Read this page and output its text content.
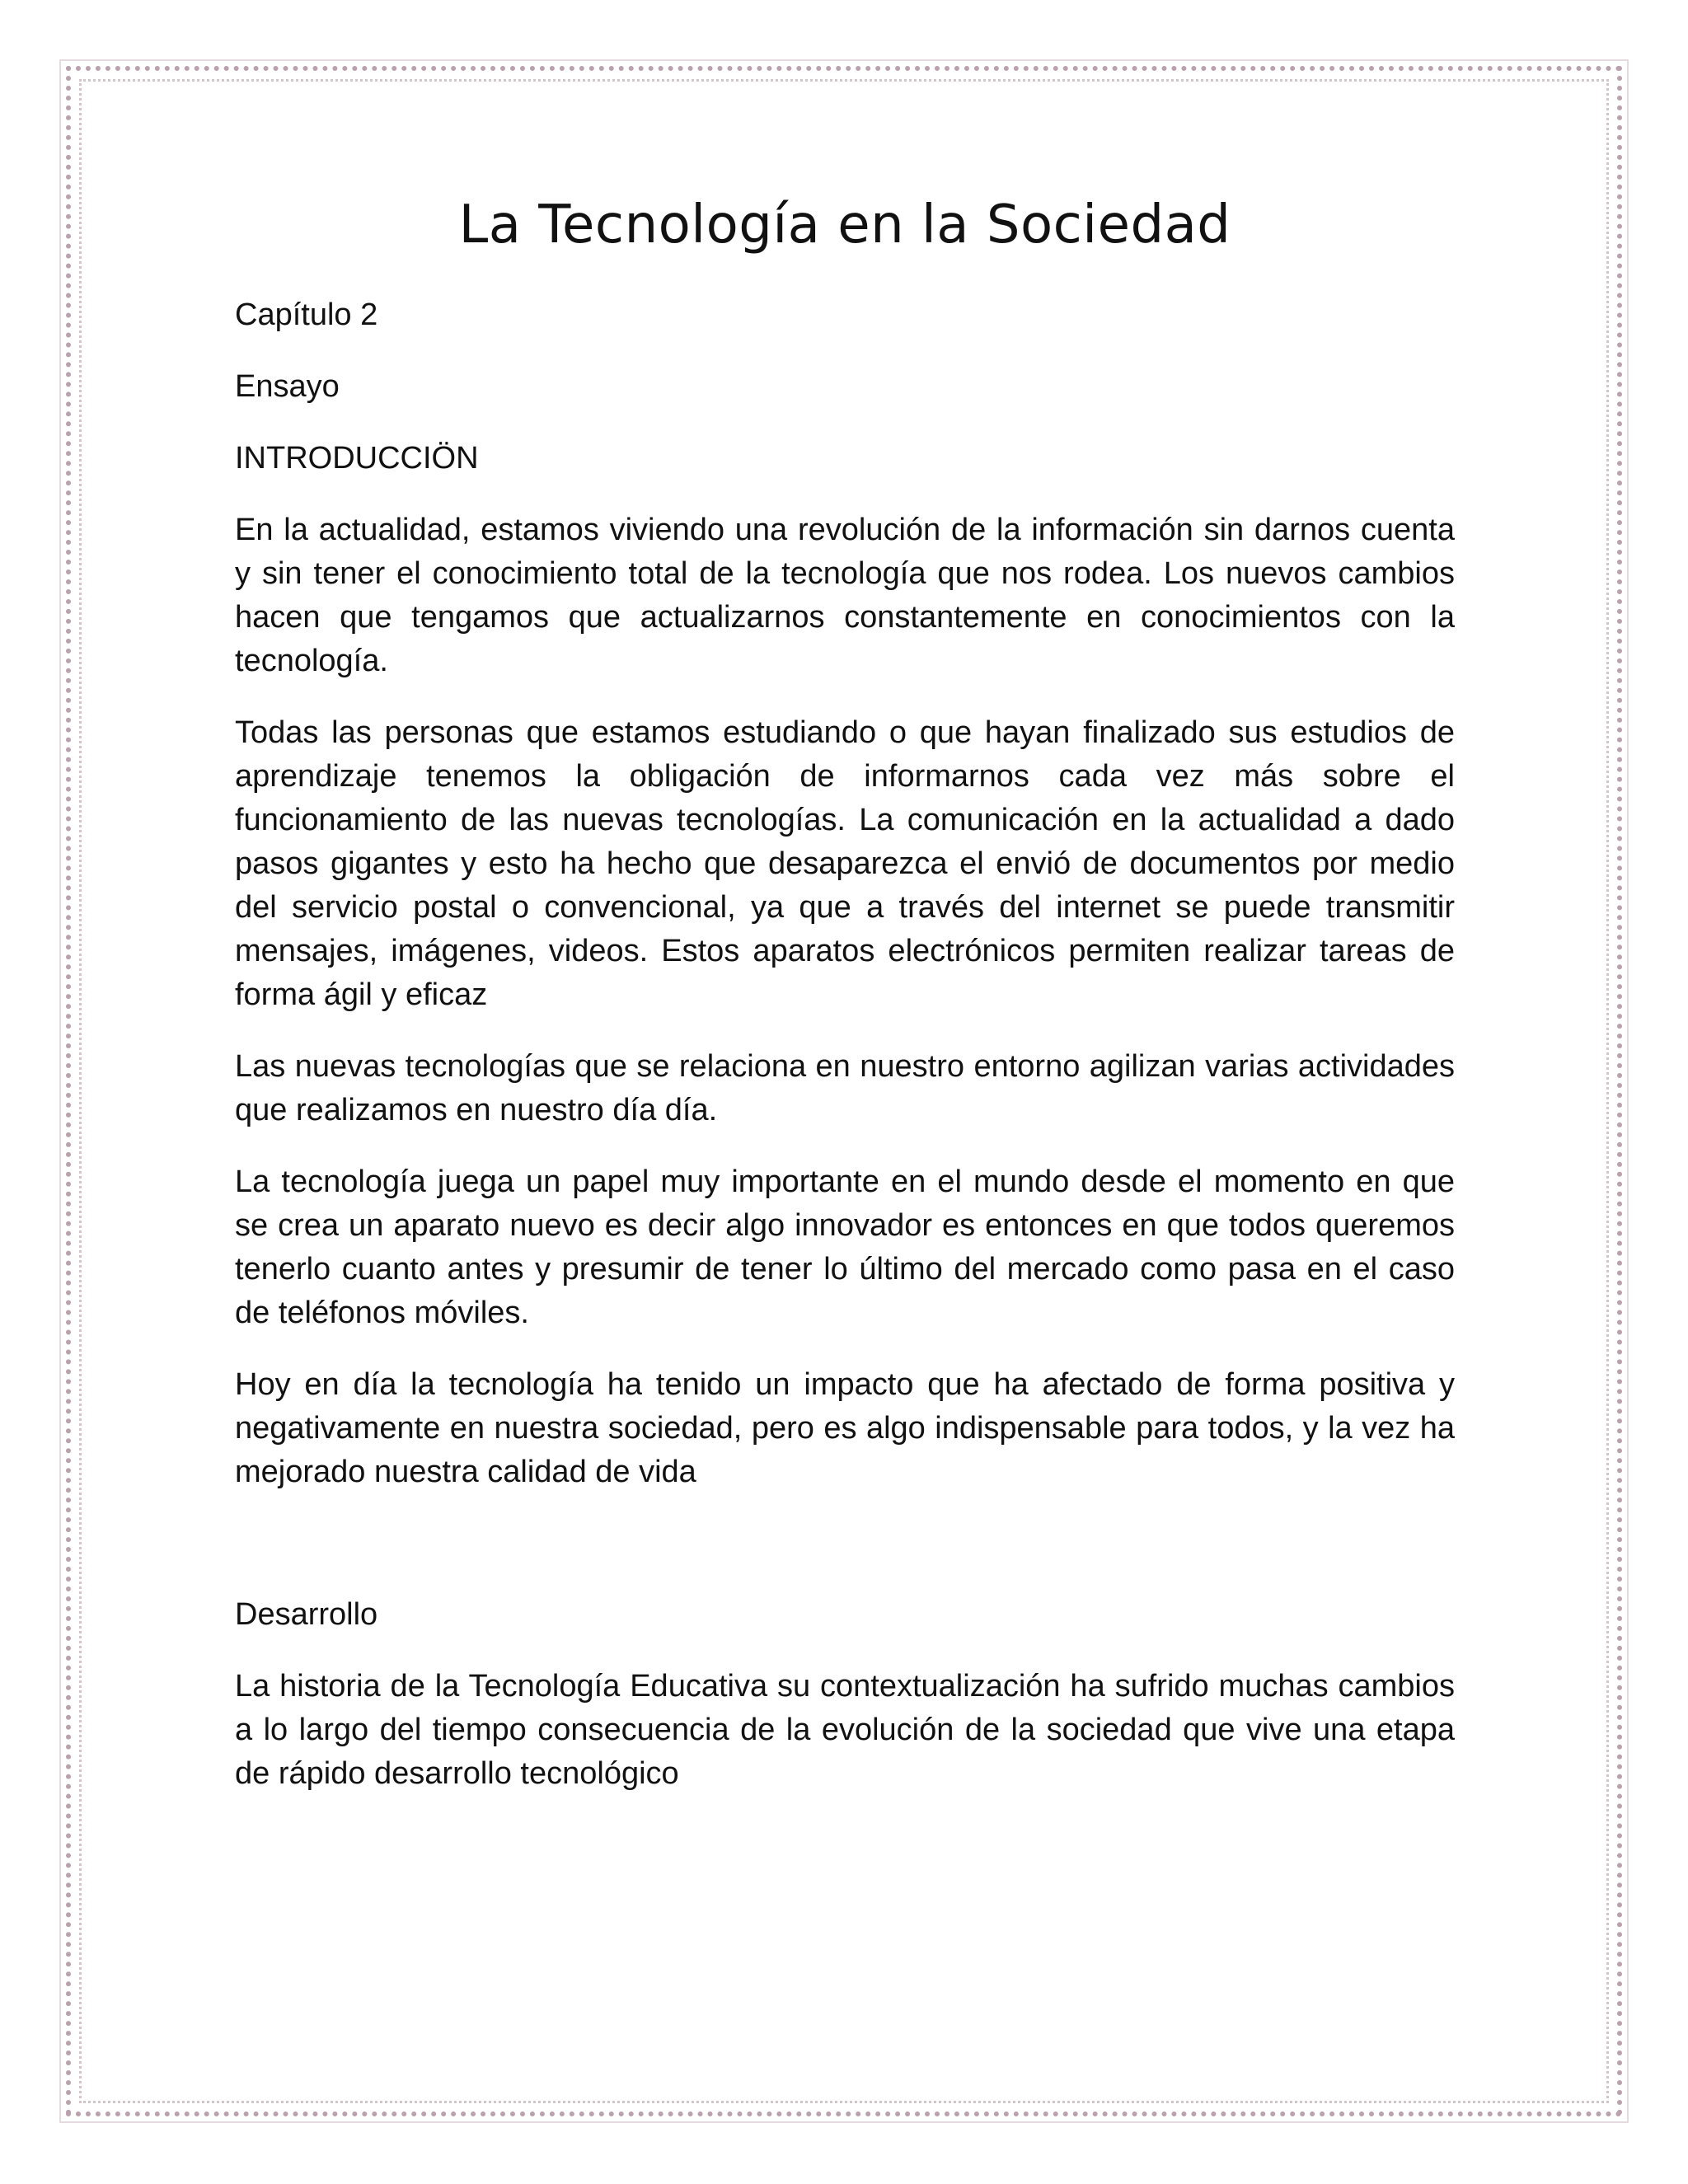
La Tecnología en la Sociedad

Capítulo 2

Ensayo

INTRODUCCIÖN

En la actualidad, estamos viviendo una revolución de la información sin darnos cuenta y sin tener el conocimiento total de la tecnología que nos rodea. Los nuevos cambios hacen que tengamos que actualizarnos constantemente en conocimientos con la tecnología.

Todas las personas que estamos estudiando o que hayan finalizado sus estudios de aprendizaje tenemos la obligación de informarnos cada vez más sobre el funcionamiento de las nuevas tecnologías. La comunicación en la actualidad a dado pasos gigantes y esto ha hecho que desaparezca el envió de documentos por medio del servicio postal o convencional, ya que a través del internet se puede transmitir mensajes, imágenes, videos. Estos aparatos electrónicos permiten realizar tareas de forma ágil y eficaz

Las nuevas tecnologías que se relaciona en nuestro entorno agilizan varias actividades que realizamos en nuestro día día.

La tecnología juega un papel muy importante en el mundo desde el momento en que se crea un aparato nuevo es decir algo innovador es entonces en que todos queremos tenerlo cuanto antes y presumir de tener lo último del mercado como pasa en el caso de teléfonos móviles.

Hoy en día la tecnología ha tenido un impacto que ha afectado de forma positiva y negativamente en nuestra sociedad, pero es algo indispensable para todos, y la vez ha mejorado nuestra calidad de vida

Desarrollo

La historia de la Tecnología Educativa su contextualización ha sufrido muchas cambios a lo largo del tiempo consecuencia de la evolución de la sociedad que vive una etapa de rápido desarrollo tecnológico
